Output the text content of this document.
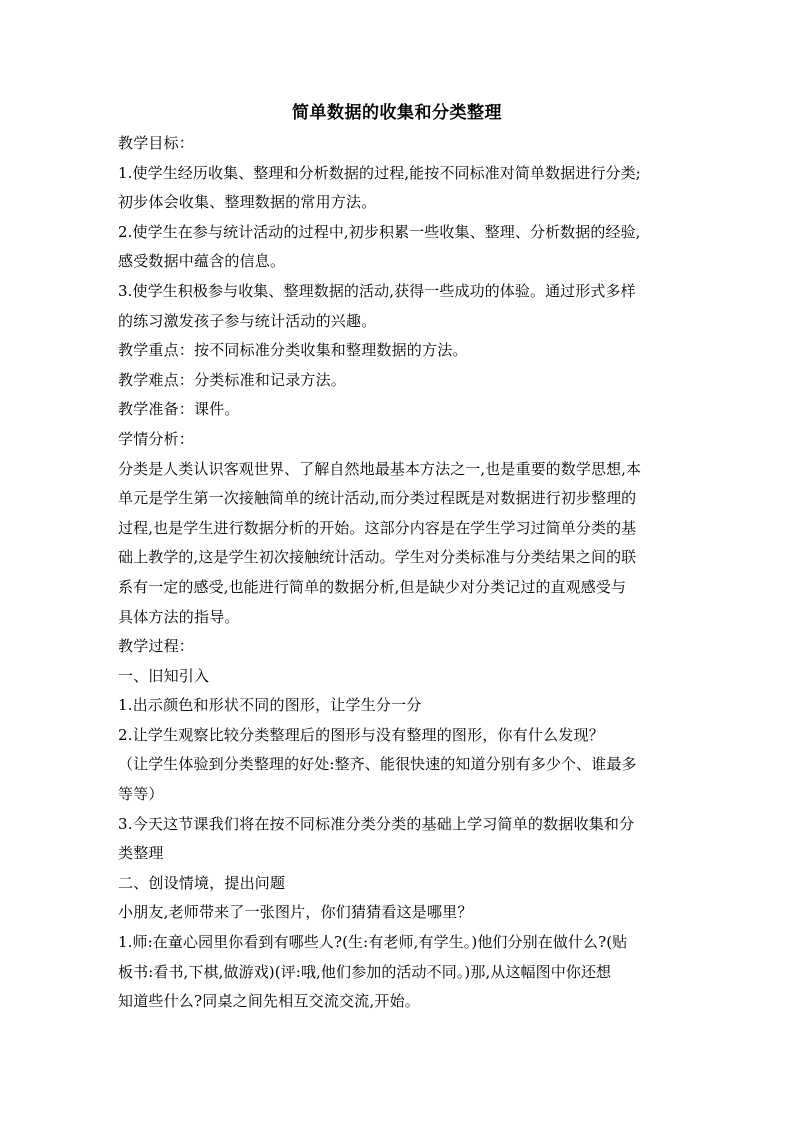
简单数据的收集和分类整理
教学目标：
1.使学生经历收集、整理和分析数据的过程,能按不同标准对简单数据进行分类;
初步体会收集、整理数据的常用方法。
2.使学生在参与统计活动的过程中,初步积累一些收集、整理、分析数据的经验,
感受数据中蕴含的信息。
3.使学生积极参与收集、整理数据的活动,获得一些成功的体验。通过形式多样
的练习激发孩子参与统计活动的兴趣。
教学重点：按不同标准分类收集和整理数据的方法。
教学难点：分类标准和记录方法。
教学准备：课件。
学情分析：
分类是人类认识客观世界、了解自然地最基本方法之一,也是重要的数学思想,本
单元是学生第一次接触简单的统计活动,而分类过程既是对数据进行初步整理的
过程,也是学生进行数据分析的开始。这部分内容是在学生学习过简单分类的基
础上教学的,这是学生初次接触统计活动。学生对分类标准与分类结果之间的联
系有一定的感受,也能进行简单的数据分析,但是缺少对分类记过的直观感受与
具体方法的指导。
教学过程：
一、旧知引入
1.出示颜色和形状不同的图形，让学生分一分
2.让学生观察比较分类整理后的图形与没有整理的图形，你有什么发现？
（让学生体验到分类整理的好处:整齐、能很快速的知道分别有多少个、谁最多
等等）
3.今天这节课我们将在按不同标准分类分类的基础上学习简单的数据收集和分
类整理
二、创设情境，提出问题
小朋友,老师带来了一张图片，你们猜猜看这是哪里？
1.师:在童心园里你看到有哪些人?(生:有老师,有学生。)他们分别在做什么?(贴
板书:看书,下棋,做游戏)(评:哦,他们参加的活动不同。)那,从这幅图中你还想
知道些什么?同桌之间先相互交流交流,开始。
